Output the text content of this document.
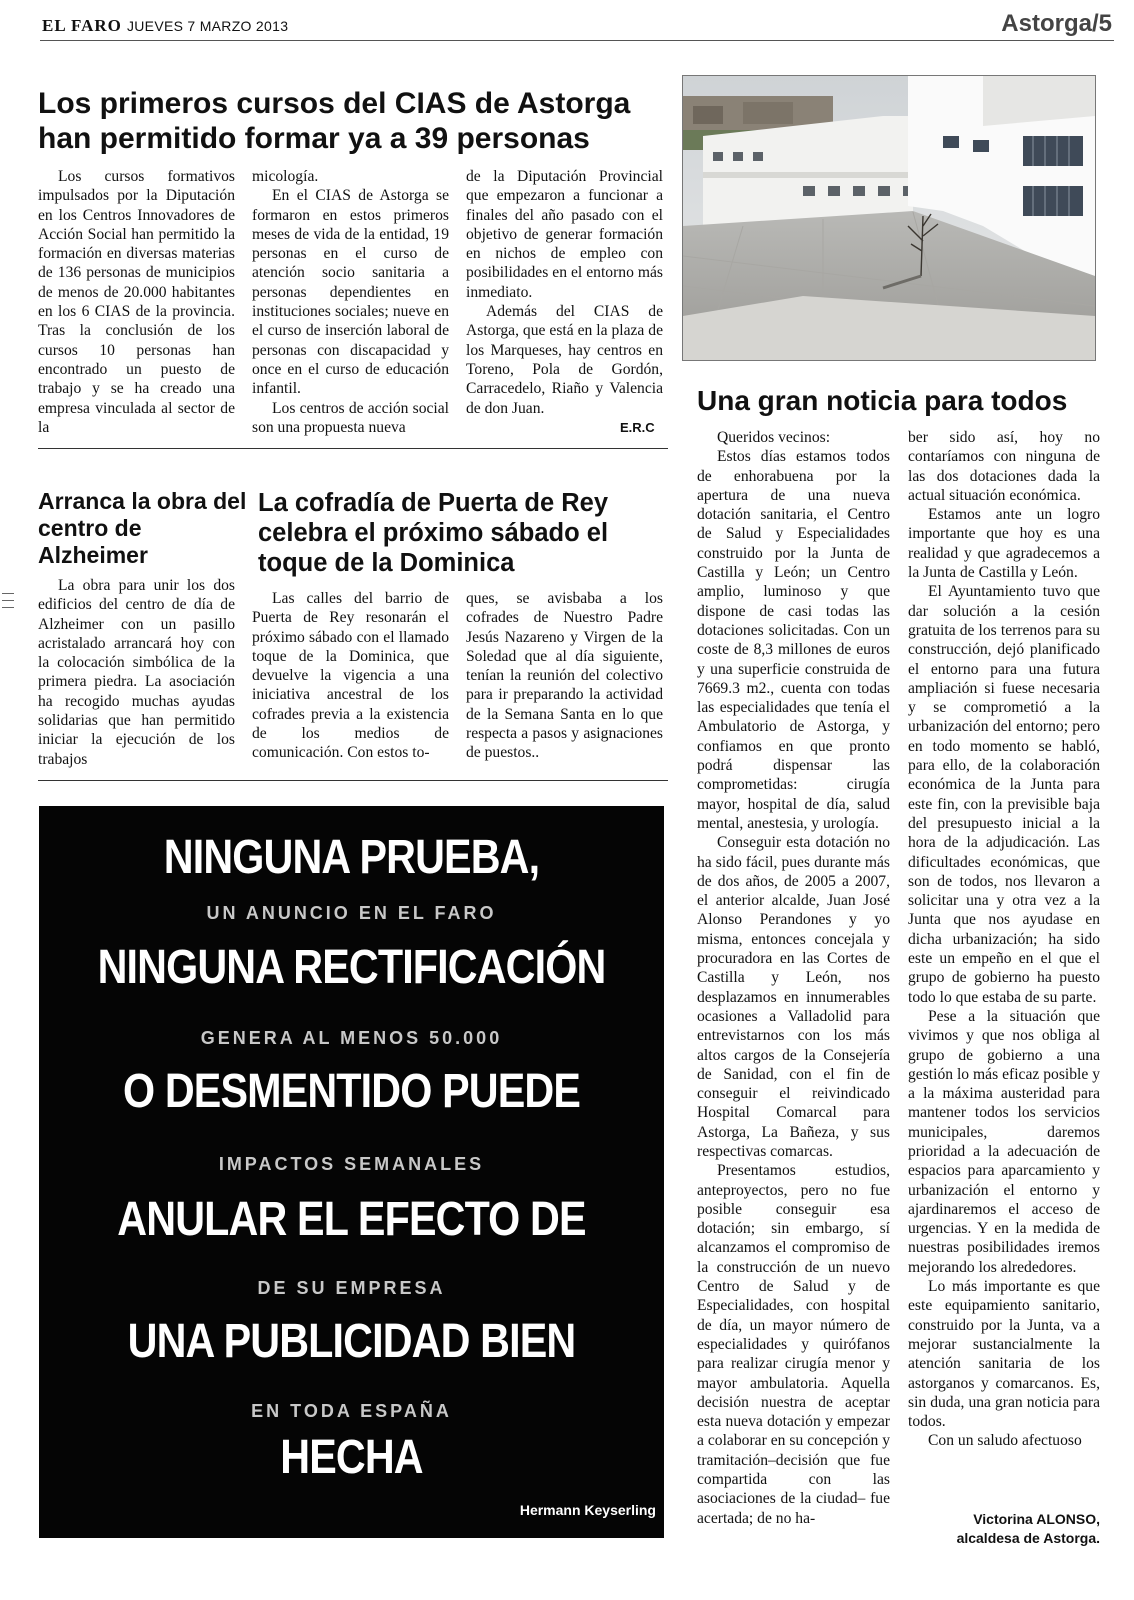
EL FARO JUEVES 7 MARZO 2013	Astorga/5
Los primeros cursos del CIAS de Astorga han permitido formar ya a 39 personas

Los cursos formativos impulsados por la Diputación en los Centros Innovadores de Acción Social han permitido la formación en diversas materias de 136 personas de municipios de menos de 20.000 habitantes en los 6 CIAS de la provincia. Tras la conclusión de los cursos 10 personas han encontrado un puesto de trabajo y se ha creado una empresa vinculada al sector de la

micología.

En el CIAS de Astorga se formaron en estos primeros meses de vida de la entidad, 19 personas en el curso de atención socio sanitaria a personas dependientes en instituciones sociales; nueve en el curso de inserción laboral de personas con discapacidad y once en el curso de educación infantil.

Los centros de acción social son una propuesta nueva

de la Diputación Provincial que empezaron a funcionar a finales del año pasado con el objetivo de generar formación en nichos de empleo con posibilidades en el entorno más inmediato.

Además del CIAS de Astorga, que está en la plaza de los Marqueses, hay centros en Toreno, Pola de Gordón, Carracedelo, Riaño y Valencia de don Juan.

E.R.C
Arranca la obra del centro de Alzheimer

La obra para unir los dos edificios del centro de día de Alzheimer con un pasillo acristalado arrancará hoy con la colocación simbólica de la primera piedra. La asociación ha recogido muchas ayudas solidarias que han permitido iniciar la ejecución de los trabajos

La cofradía de Puerta de Rey celebra el próximo sábado el toque de la Dominica

Las calles del barrio de Puerta de Rey resonarán el próximo sábado con el llamado toque de la Dominica, que devuelve la vigencia a una iniciativa ancestral de los cofrades previa a la existencia de los medios de comunicación. Con estos to-

ques, se avisbaba a los cofrades de Nuestro Padre Jesús Nazareno y Virgen de la Soledad que al día siguiente, tenían la reunión del colectivo para ir preparando la actividad de la Semana Santa en lo que respecta a pasos y asignaciones de puestos..

NINGUNA PRUEBA,
UN ANUNCIO EN EL FARO
NINGUNA RECTIFICACIÓN
GENERA AL MENOS 50.000
O DESMENTIDO PUEDE
IMPACTOS SEMANALES
ANULAR EL EFECTO DE
DE SU EMPRESA
UNA PUBLICIDAD BIEN
EN TODA ESPAÑA
HECHA
Hermann Keyserling
Una gran noticia para todos

Queridos vecinos:

Estos días estamos todos de enhorabuena por la apertura de una nueva dotación sanitaria, el Centro de Salud y Especialidades construido por la Junta de Castilla y León; un Centro amplio, luminoso y que dispone de casi todas las dotaciones solicitadas. Con un coste de 8,3 millones de euros y una superficie construida de 7669.3 m2., cuenta con todas las especialidades que tenía el Ambulatorio de Astorga, y confiamos en que pronto podrá dispensar las comprometidas: cirugía mayor, hospital de día, salud mental, anestesia, y urología.

Conseguir esta dotación no ha sido fácil, pues durante más de dos años, de 2005 a 2007, el anterior alcalde, Juan José Alonso Perandones y yo misma, entonces concejala y procuradora en las Cortes de Castilla y León, nos desplazamos en innumerables ocasiones a Valladolid para entrevistarnos con los más altos cargos de la Consejería de Sanidad, con el fin de conseguir el reivindicado Hospital Comarcal para Astorga, La Bañeza, y sus respectivas comarcas.

Presentamos estudios, anteproyectos, pero no fue posible conseguir esa dotación; sin embargo, sí alcanzamos el compromiso de la construcción de un nuevo Centro de Salud y de Especialidades, con hospital de día, un mayor número de especialidades y quirófanos para realizar cirugía menor y mayor ambulatoria. Aquella decisión nuestra de aceptar esta nueva dotación y empezar a colaborar en su concepción y tramitación–decisión que fue compartida con las asociaciones de la ciudad– fue acertada; de no ha-

ber sido así, hoy no contaríamos con ninguna de las dos dotaciones dada la actual situación económica.

Estamos ante un logro importante que hoy es una realidad y que agradecemos a la Junta de Castilla y León.

El Ayuntamiento tuvo que dar solución a la cesión gratuita de los terrenos para su construcción, dejó planificado el entorno para una futura ampliación si fuese necesaria y se comprometió a la urbanización del entorno; pero en todo momento se habló, para ello, de la colaboración económica de la Junta para este fin, con la previsible baja del presupuesto inicial a la hora de la adjudicación. Las dificultades económicas, que son de todos, nos llevaron a solicitar una y otra vez a la Junta que nos ayudase en dicha urbanización; ha sido este un empeño en el que el grupo de gobierno ha puesto todo lo que estaba de su parte.

Pese a la situación que vivimos y que nos obliga al grupo de gobierno a una gestión lo más eficaz posible y a la máxima austeridad para mantener todos los servicios municipales, daremos prioridad a la adecuación de espacios para aparcamiento y urbanización el entorno y ajardinaremos el acceso de urgencias. Y en la medida de nuestras posibilidades iremos mejorando los alrededores.

Lo más importante es que este equipamiento sanitario, construido por la Junta, va a mejorar sustancialmente la atención sanitaria de los astorganos y comarcanos. Es, sin duda, una gran noticia para todos.

Con un saludo afectuoso

Victorina ALONSO,
alcaldesa de Astorga.
